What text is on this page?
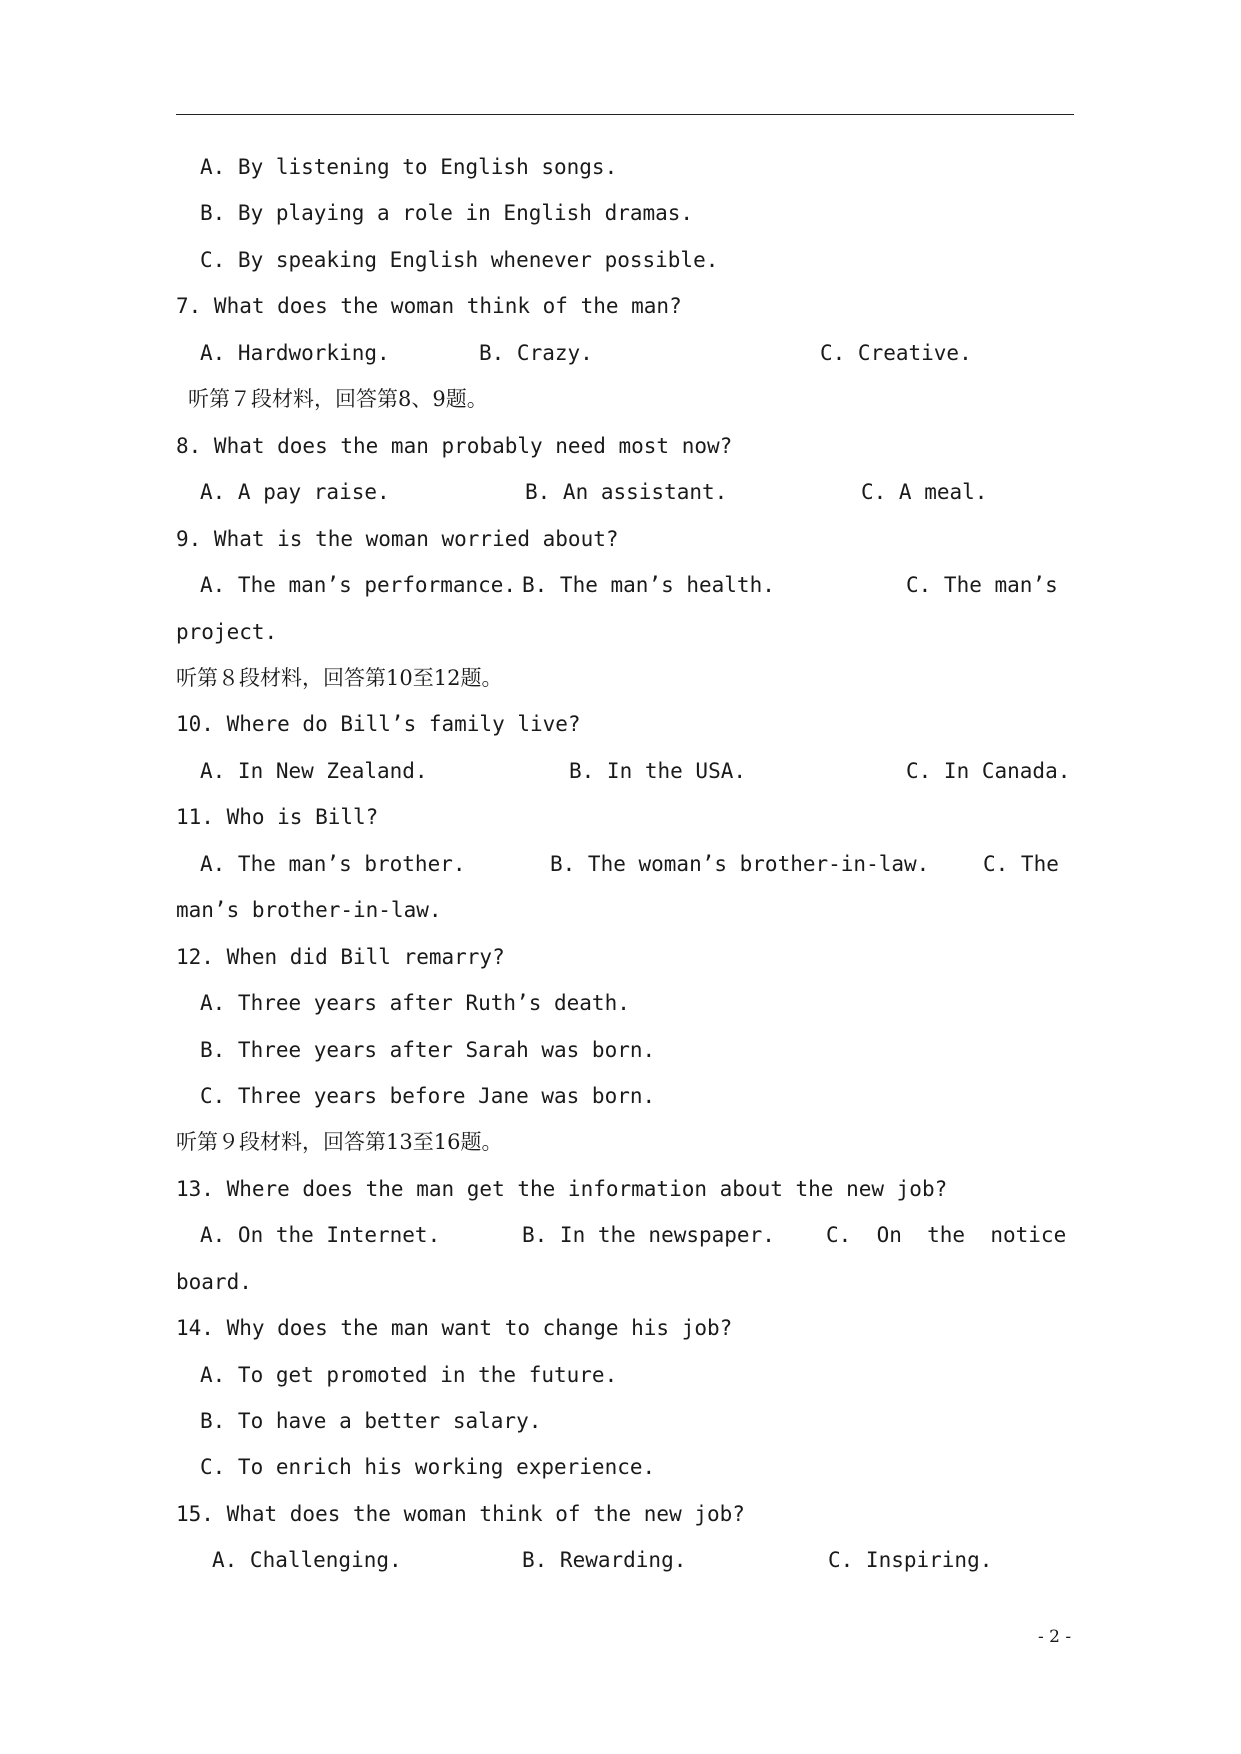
A. By listening to English songs.
B. By playing a role in English dramas.
C. By speaking English whenever possible.
7. What does the woman think of the man?
A. Hardworking.	B. Crazy.	C. Creative.
听第７段材料，回答第8、9题。
8. What does the man probably need most now?
A. A pay raise.	B. An assistant.	C. A meal.
9. What is the woman worried about?
A. The man’s performance. B. The man’s health.	C. The man’s
project.
听第８段材料，回答第10至12题。
10. Where do Bill’s family live?
A. In New Zealand.	B. In the USA.	C. In Canada.
11. Who is Bill?
A. The man’s brother.	B. The woman’s brother-in-law.	C. The
man’s brother-in-law.
12. When did Bill remarry?
A. Three years after Ruth’s death.
B. Three years after Sarah was born.
C. Three years before Jane was born.
听第９段材料，回答第13至16题。
13. Where does the man get the information about the new job?
A. On the Internet.	B. In the newspaper. C.  On  the  notice
board.
14. Why does the man want to change his job?
A. To get promoted in the future.
B. To have a better salary.
C. To enrich his working experience.
15. What does the woman think of the new job?
A. Challenging.	B. Rewarding.	C. Inspiring.
- 2 -
